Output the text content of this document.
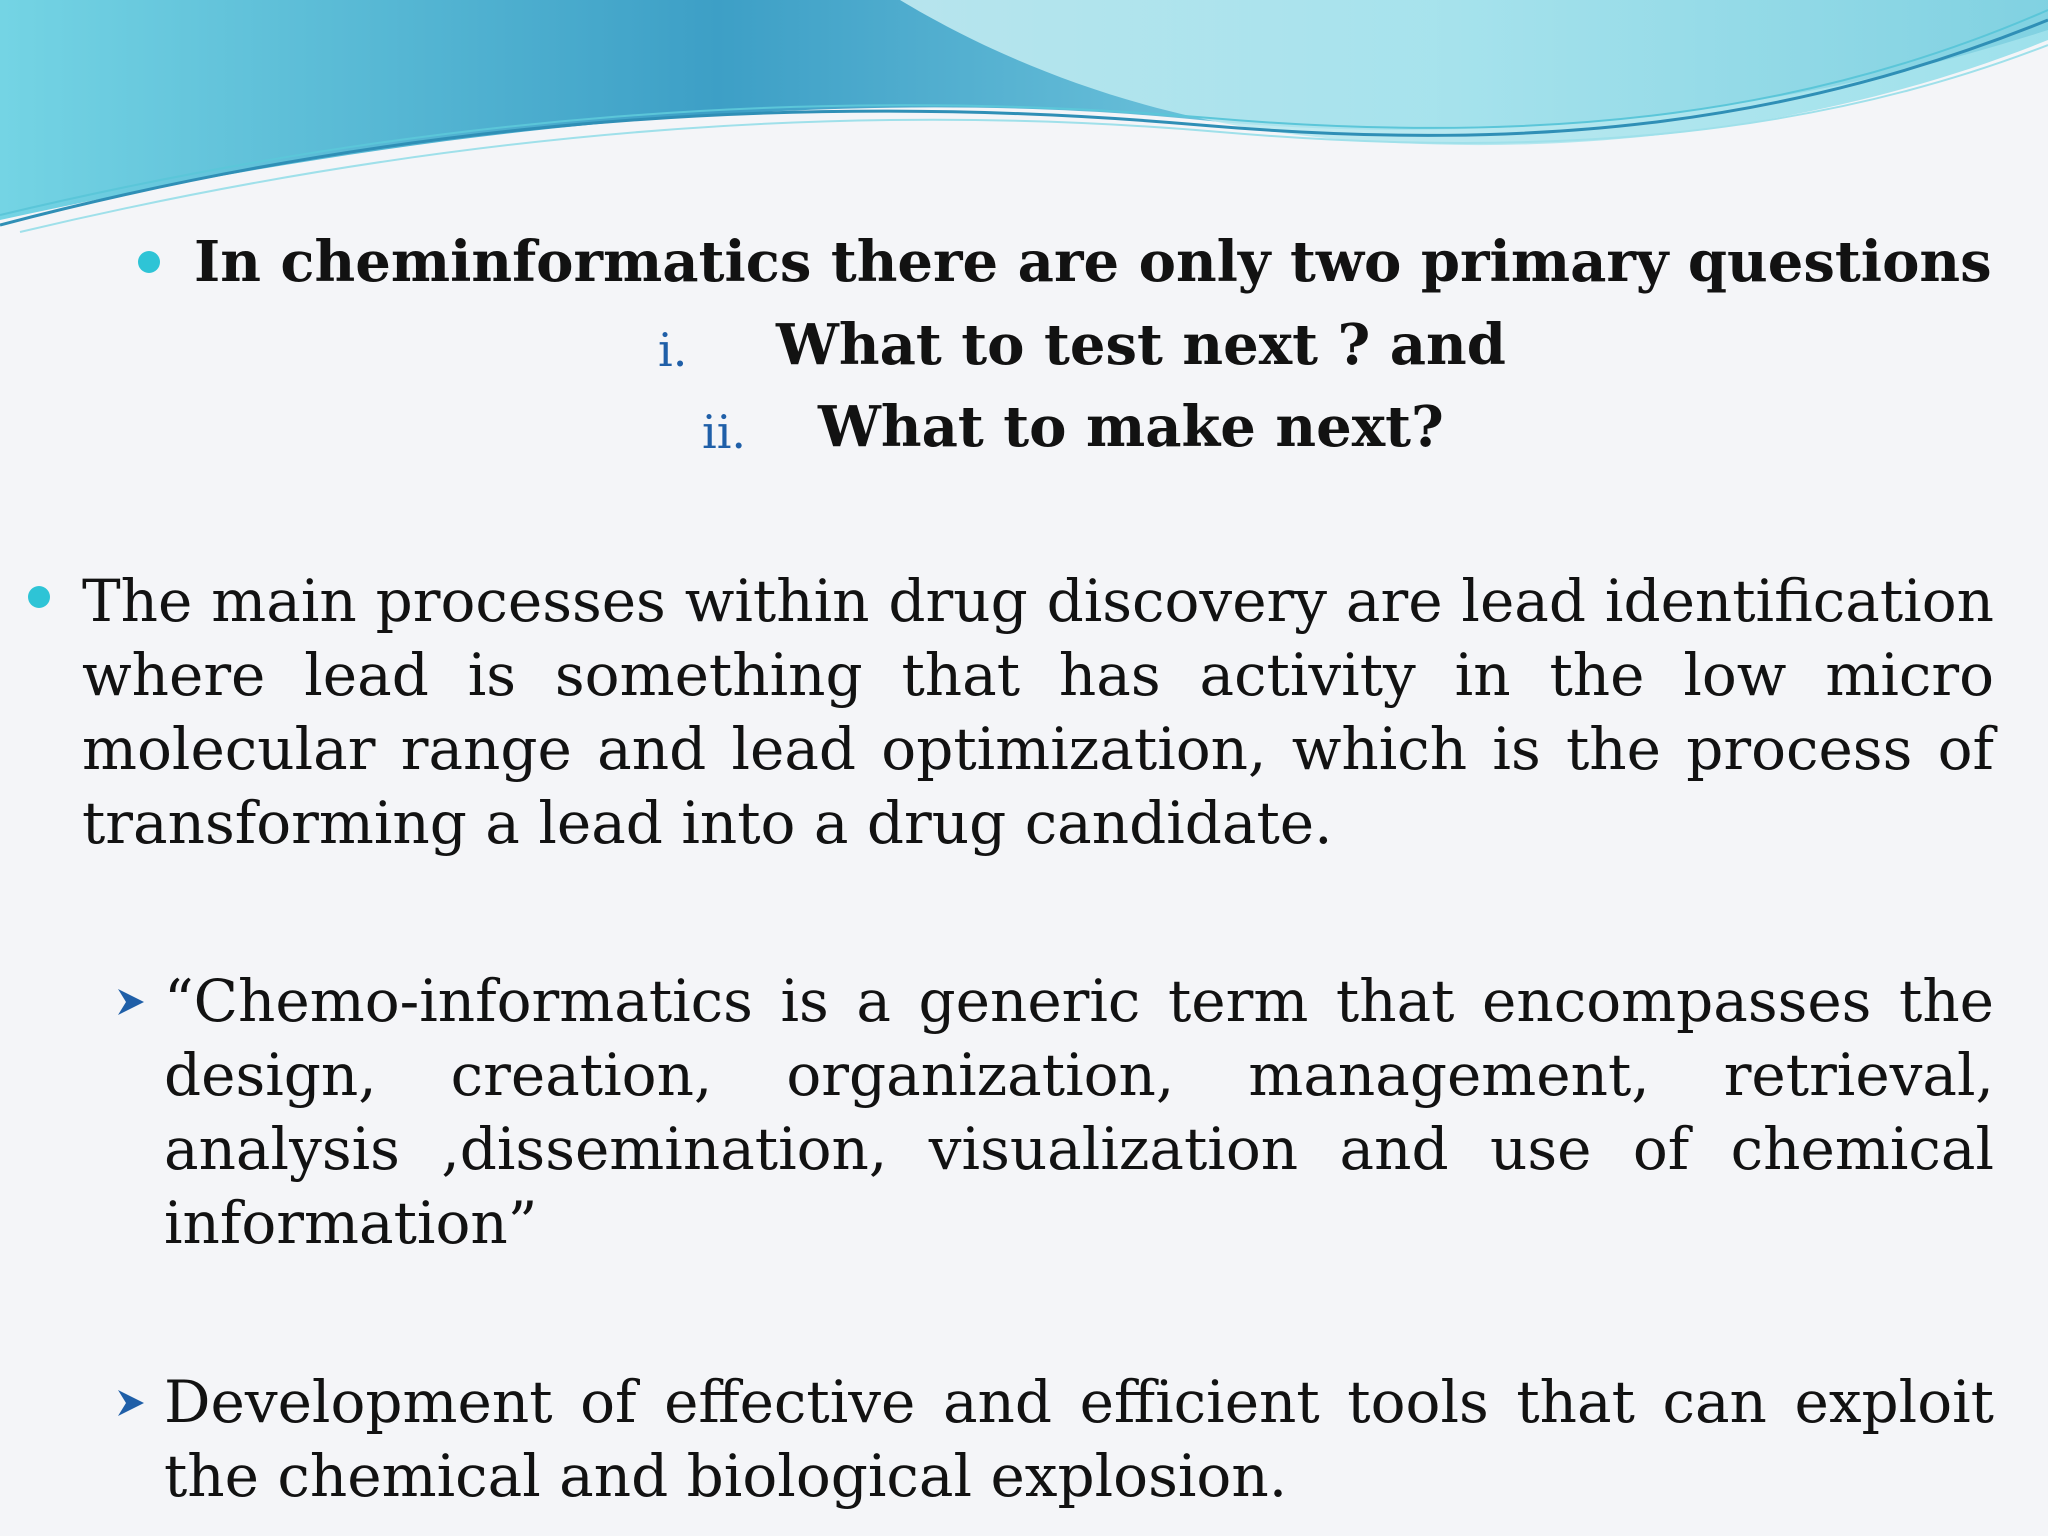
In cheminformatics there are only two primary questions
i. What to test next ? and
ii. What to make next?
The main processes within drug discovery are lead identification where lead is something that has activity in the low micro molecular range and lead optimization, which is the process of transforming a lead into a drug candidate.
“Chemo-informatics is a generic term that encompasses the design, creation, organization, management, retrieval, analysis ,dissemination, visualization and use of chemical information”
Development of effective and efficient tools that can exploit the chemical and biological explosion.
